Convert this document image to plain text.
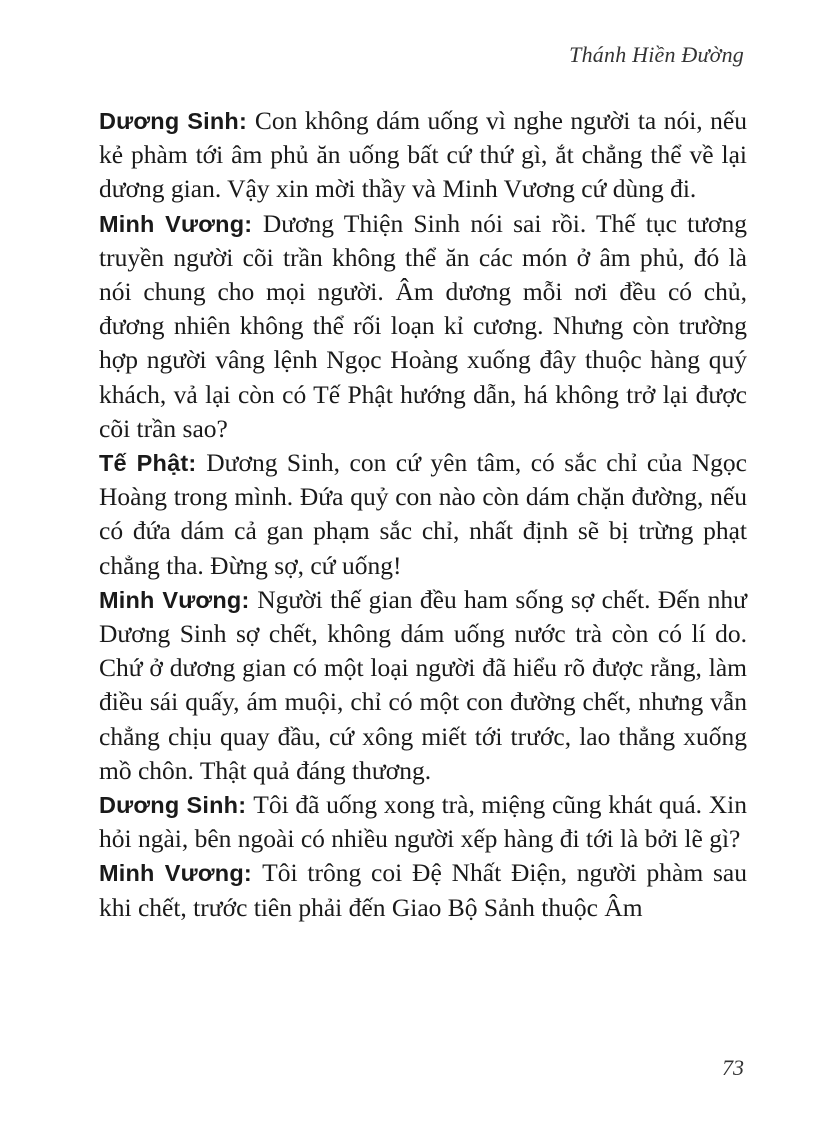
Thánh Hiền Đường

Dương Sinh: Con không dám uống vì nghe người ta nói, nếu kẻ phàm tới âm phủ ăn uống bất cứ thứ gì, ắt chẳng thể về lại dương gian. Vậy xin mời thầy và Minh Vương cứ dùng đi.

Minh Vương: Dương Thiện Sinh nói sai rồi. Thế tục tương truyền người cõi trần không thể ăn các món ở âm phủ, đó là nói chung cho mọi người. Âm dương mỗi nơi đều có chủ, đương nhiên không thể rối loạn kỉ cương. Nhưng còn trường hợp người vâng lệnh Ngọc Hoàng xuống đây thuộc hàng quý khách, vả lại còn có Tế Phật hướng dẫn, há không trở lại được cõi trần sao?

Tế Phật: Dương Sinh, con cứ yên tâm, có sắc chỉ của Ngọc Hoàng trong mình. Đứa quỷ con nào còn dám chặn đường, nếu có đứa dám cả gan phạm sắc chỉ, nhất định sẽ bị trừng phạt chẳng tha. Đừng sợ, cứ uống!

Minh Vương: Người thế gian đều ham sống sợ chết. Đến như Dương Sinh sợ chết, không dám uống nước trà còn có lí do. Chứ ở dương gian có một loại người đã hiểu rõ được rằng, làm điều sái quấy, ám muội, chỉ có một con đường chết, nhưng vẫn chẳng chịu quay đầu, cứ xông miết tới trước, lao thẳng xuống mồ chôn. Thật quả đáng thương.

Dương Sinh: Tôi đã uống xong trà, miệng cũng khát quá. Xin hỏi ngài, bên ngoài có nhiều người xếp hàng đi tới là bởi lẽ gì?

Minh Vương: Tôi trông coi Đệ Nhất Điện, người phàm sau khi chết, trước tiên phải đến Giao Bộ Sảnh thuộc Âm

73
